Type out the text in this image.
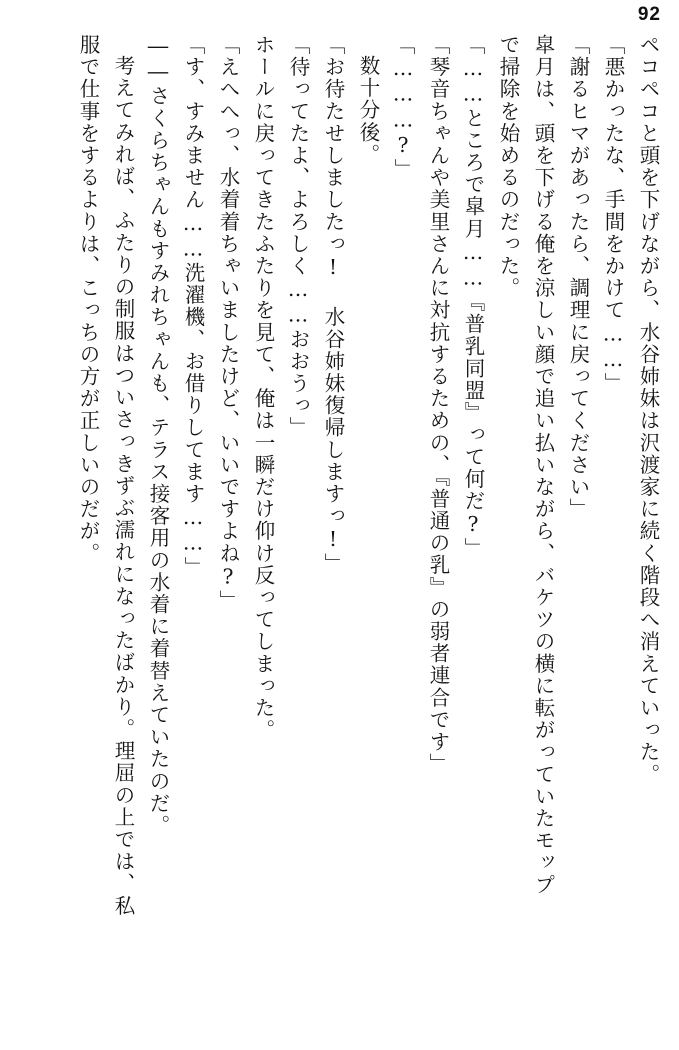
92
ペコペコと頭を下げながら、水谷姉妹は沢渡家に続く階段へ消えていった。
「悪かったな、手間をかけて……」
「謝るヒマがあったら、調理に戻ってください」
皐月は、頭を下げる俺を涼しい顔で追い払いながら、バケツの横に転がっていたモップ
で掃除を始めるのだった。
「……ところで皐月……『普乳同盟』って何だ?」
「琴音ちゃんや美里さんに対抗するための、『普通の乳』の弱者連合です」
「………?」
数十分後。
「お待たせしましたっ! 水谷姉妹復帰しますっ!」
「待ってたよ、よろしく……おおうっ」
ホールに戻ってきたふたりを見て、俺は一瞬だけ仰け反ってしまった。
「えへへっ、水着着ちゃいましたけど、いいですよね?」
「す、すみません……洗濯機、お借りしてます……」
――さくらちゃんもすみれちゃんも、テラス接客用の水着に着替えていたのだ。
考えてみれば、ふたりの制服はついさっきずぶ濡れになったばかり。理屈の上では、私
服で仕事をするよりは、こっちの方が正しいのだが。
